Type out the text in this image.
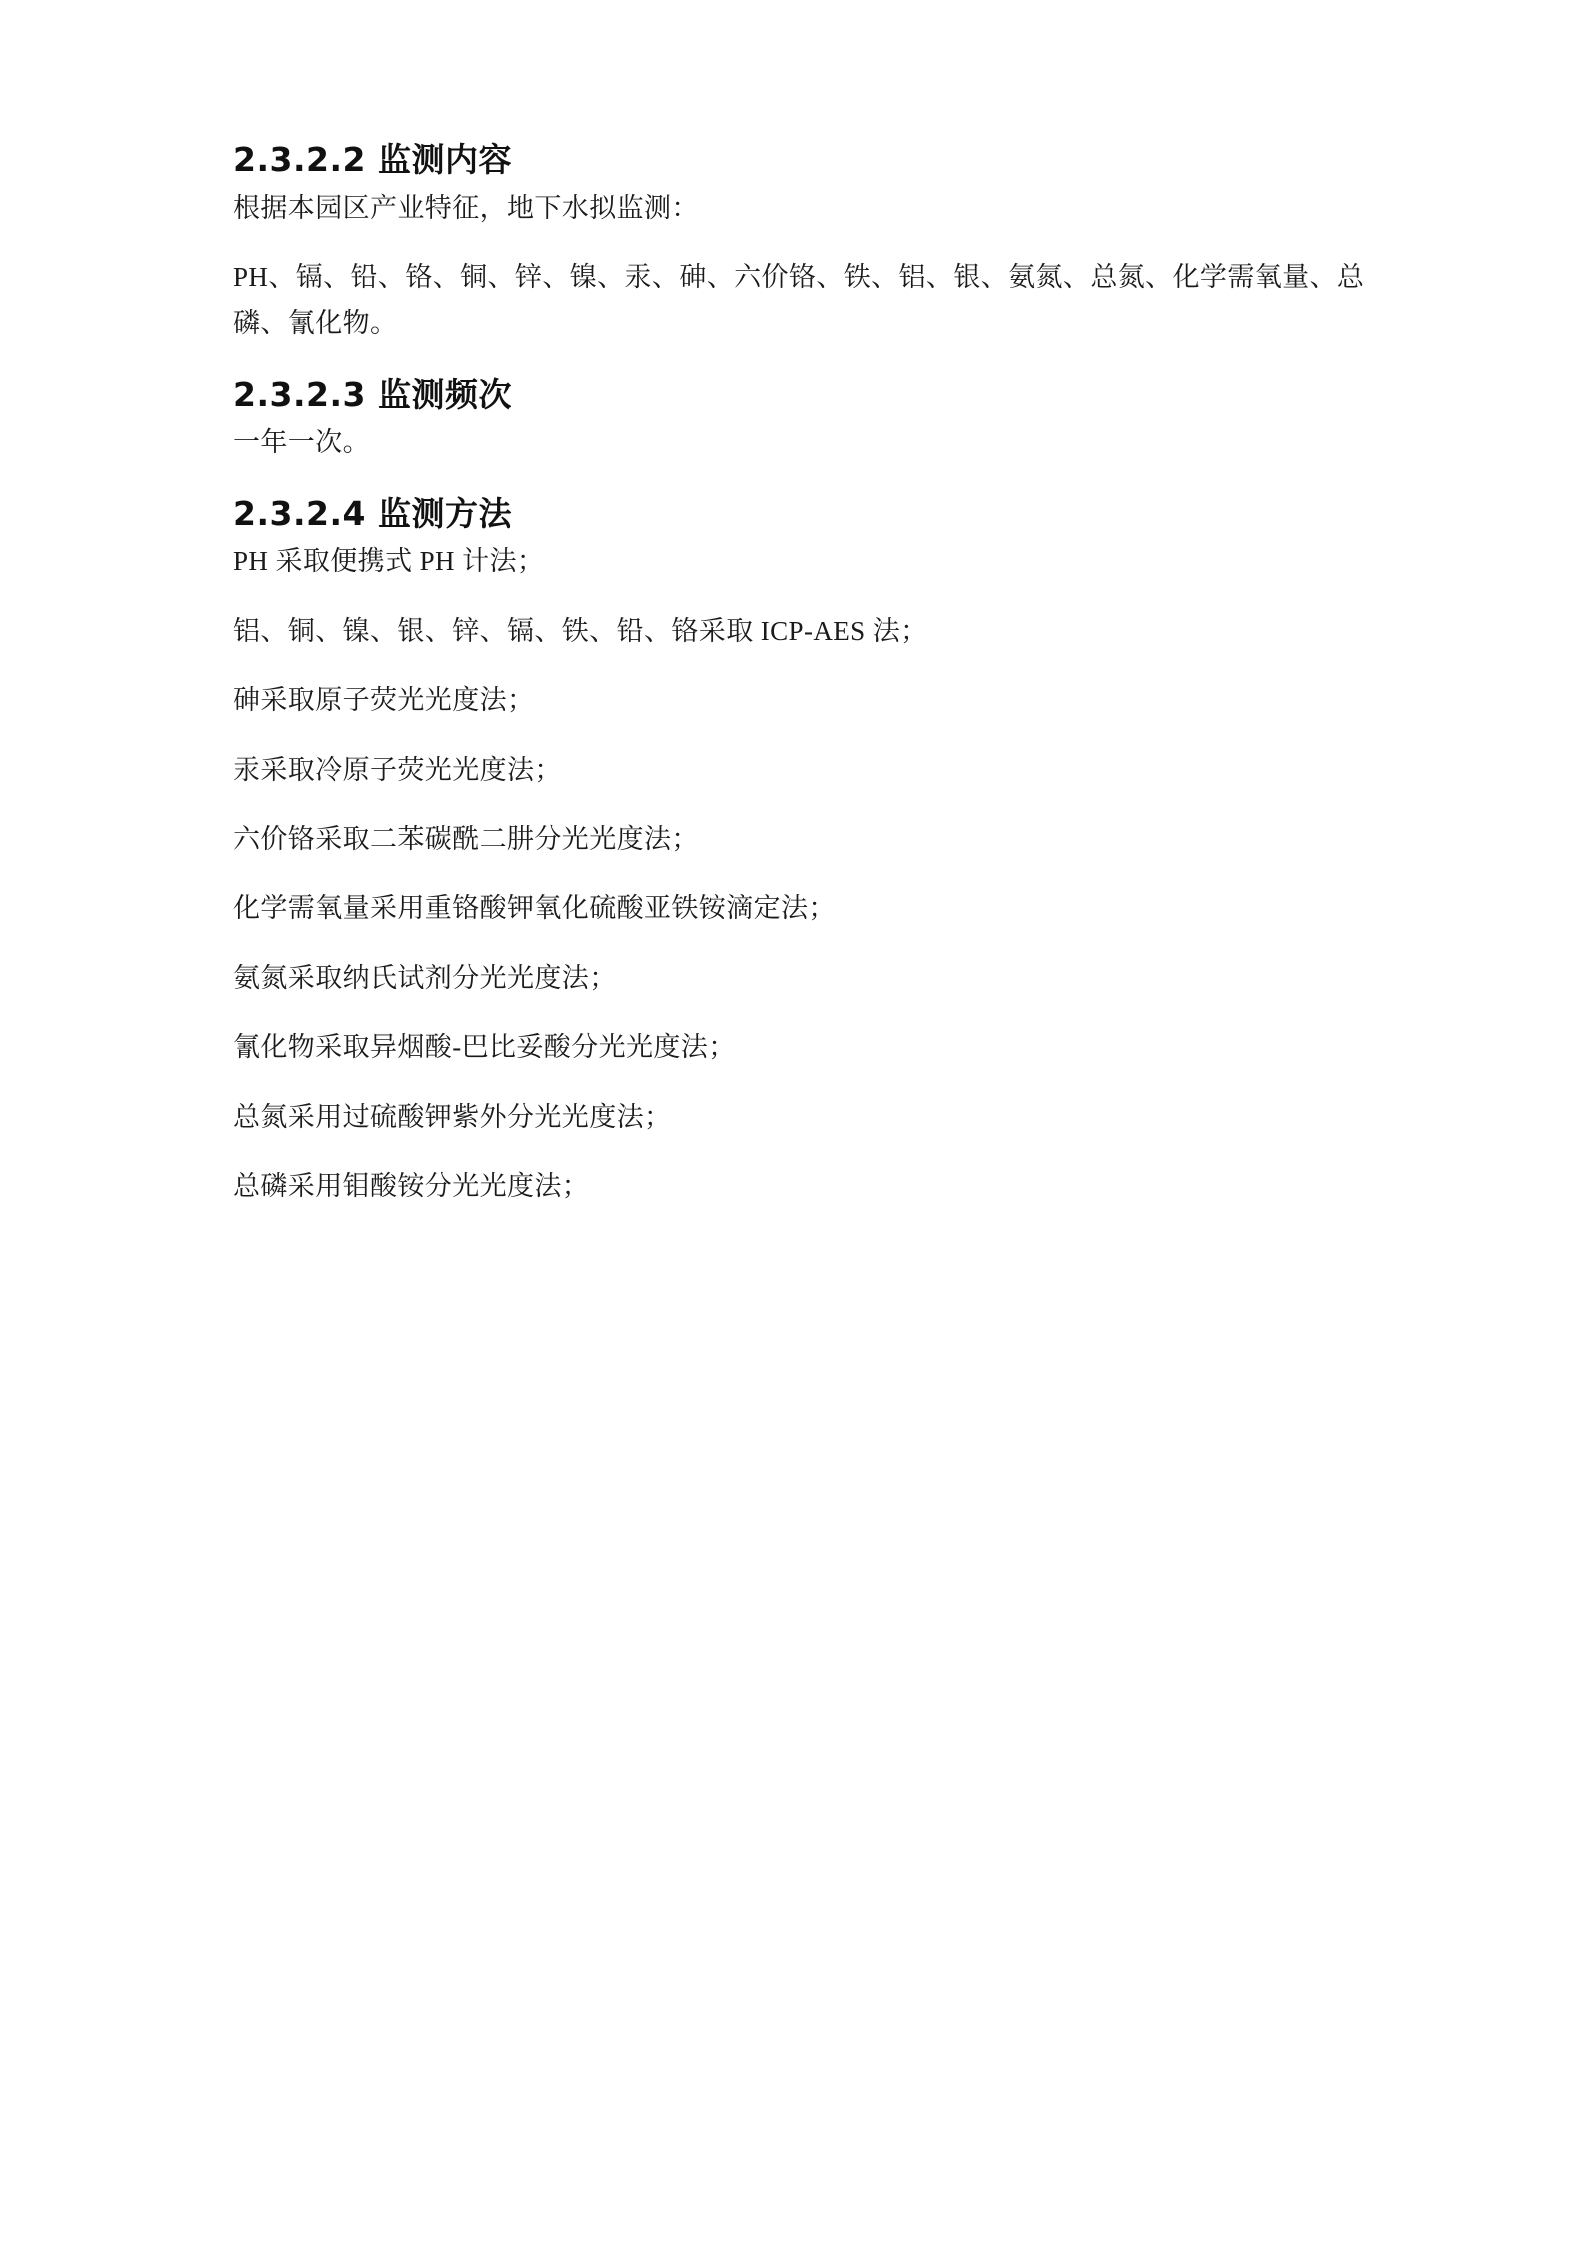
2.3.2.2 监测内容

根据本园区产业特征，地下水拟监测：

PH、镉、铅、铬、铜、锌、镍、汞、砷、六价铬、铁、铝、银、氨氮、总氮、化学需氧量、总磷、氰化物。

2.3.2.3 监测频次

一年一次。

2.3.2.4 监测方法

PH 采取便携式 PH 计法；

铝、铜、镍、银、锌、镉、铁、铅、铬采取 ICP-AES 法；

砷采取原子荧光光度法；

汞采取冷原子荧光光度法；

六价铬采取二苯碳酰二肼分光光度法；

化学需氧量采用重铬酸钾氧化硫酸亚铁铵滴定法；

氨氮采取纳氏试剂分光光度法；

氰化物采取异烟酸-巴比妥酸分光光度法；

总氮采用过硫酸钾紫外分光光度法；

总磷采用钼酸铵分光光度法；
